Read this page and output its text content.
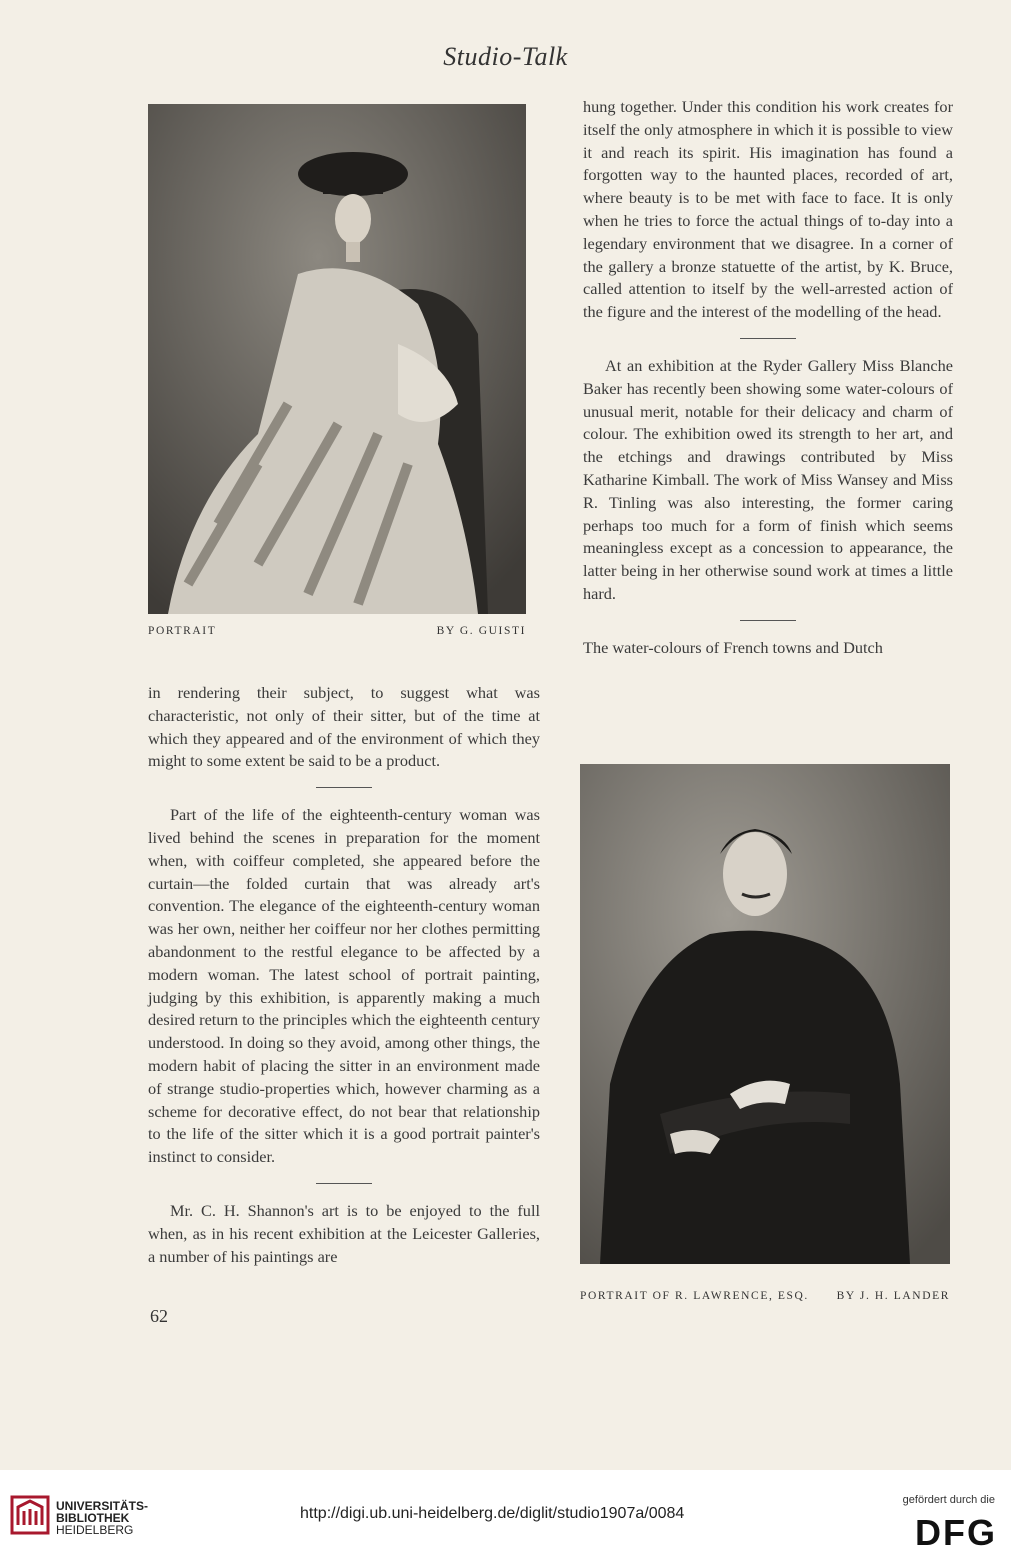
Studio-Talk
PORTRAIT	BY G. GUISTI

in rendering their subject, to suggest what was characteristic, not only of their sitter, but of the time at which they appeared and of the environment of which they might to some extent be said to be a product.

Part of the life of the eighteenth-century woman was lived behind the scenes in preparation for the moment when, with coiffeur completed, she appeared before the curtain—the folded curtain that was already art's convention. The elegance of the eighteenth-century woman was her own, neither her coiffeur nor her clothes permitting abandonment to the restful elegance to be affected by a modern woman. The latest school of portrait painting, judging by this exhibition, is apparently making a much desired return to the principles which the eighteenth century understood. In doing so they avoid, among other things, the modern habit of placing the sitter in an environment made of strange studio-properties which, however charming as a scheme for decorative effect, do not bear that relationship to the life of the sitter which it is a good portrait painter's instinct to consider.

Mr. C. H. Shannon's art is to be enjoyed to the full when, as in his recent exhibition at the Leicester Galleries, a number of his paintings are

hung together. Under this condition his work creates for itself the only atmosphere in which it is possible to view it and reach its spirit. His imagination has found a forgotten way to the haunted places, recorded of art, where beauty is to be met with face to face. It is only when he tries to force the actual things of to-day into a legendary environment that we disagree. In a corner of the gallery a bronze statuette of the artist, by K. Bruce, called attention to itself by the well-arrested action of the figure and the interest of the modelling of the head.

At an exhibition at the Ryder Gallery Miss Blanche Baker has recently been showing some water-colours of unusual merit, notable for their delicacy and charm of colour. The exhibition owed its strength to her art, and the etchings and drawings contributed by Miss Katharine Kimball. The work of Miss Wansey and Miss R. Tinling was also interesting, the former caring perhaps too much for a form of finish which seems meaningless except as a concession to appearance, the latter being in her otherwise sound work at times a little hard.

The water-colours of French towns and Dutch

PORTRAIT OF R. LAWRENCE, ESQ. BY J. H. LANDER
62
UNIVERSITÄTS-
BIBLIOTHEK
HEIDELBERG
http://digi.ub.uni-heidelberg.de/diglit/studio1907a/0084
gefördert durch die
DFG
